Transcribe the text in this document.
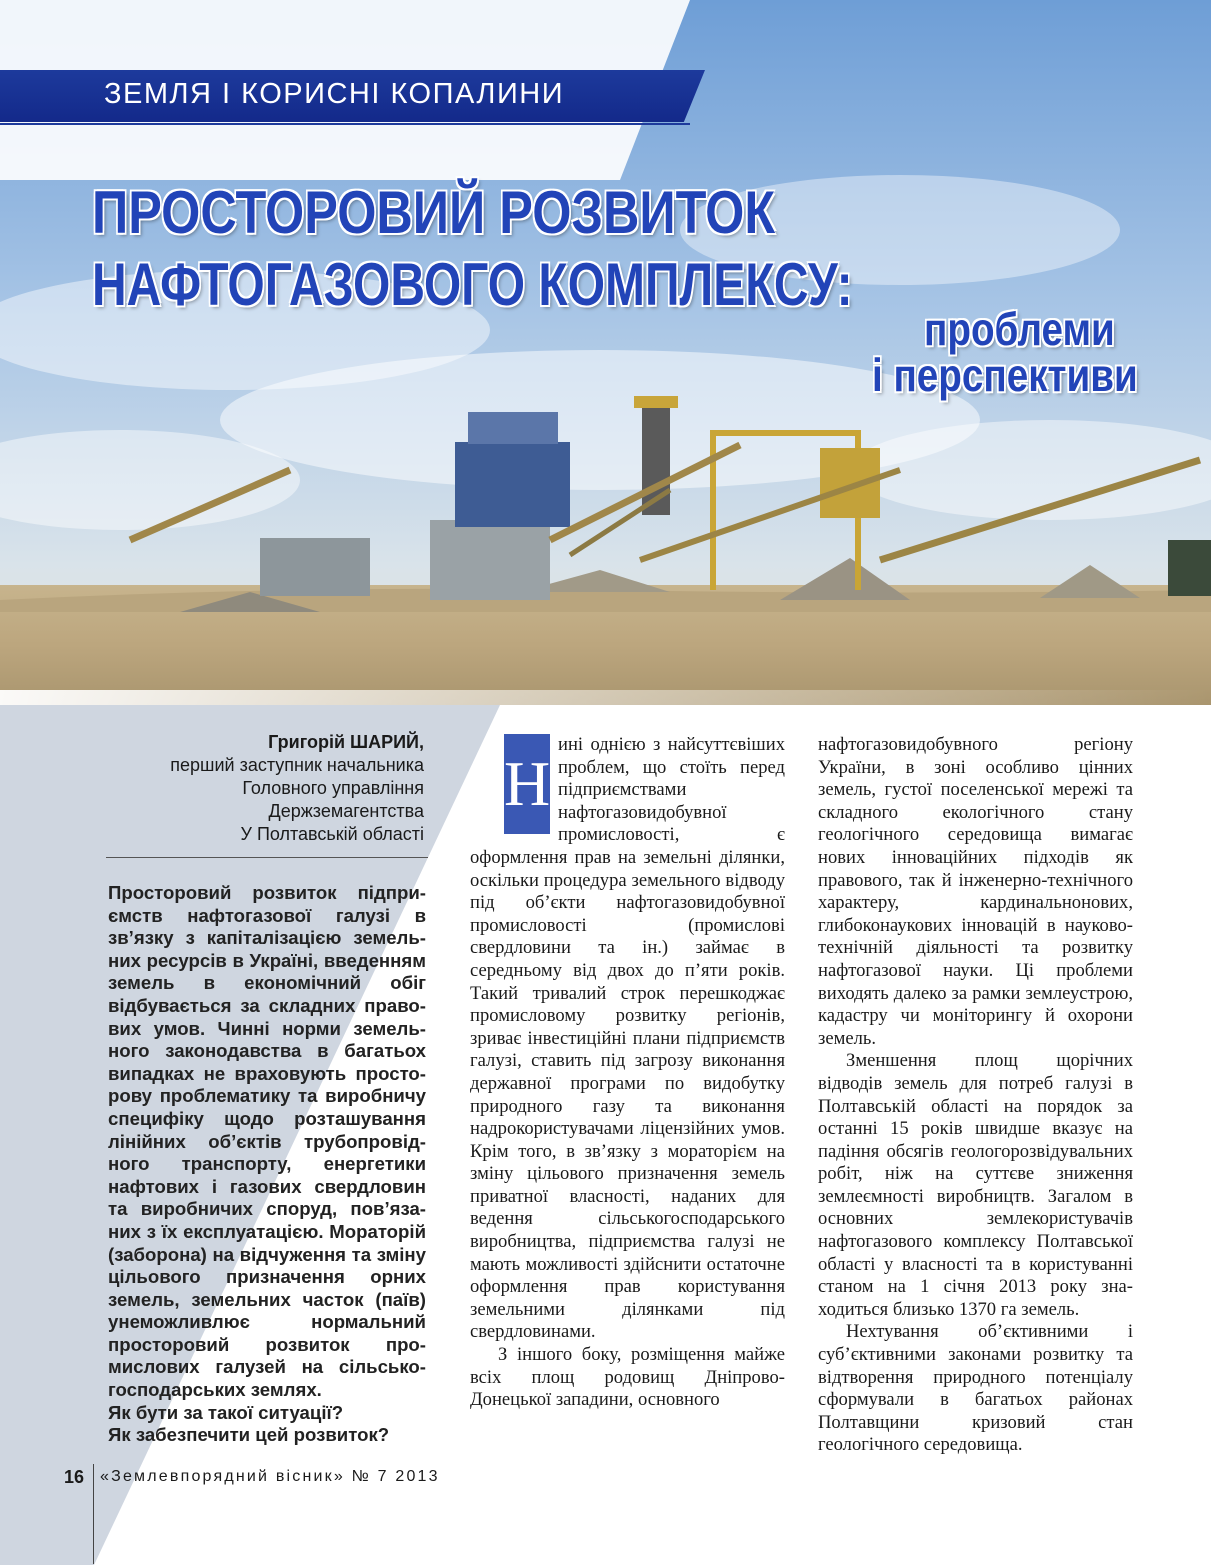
ЗЕМЛЯ І КОРИСНІ КОПАЛИНИ
ПРОСТОРОВИЙ РОЗВИТОК
НАФТОГАЗОВОГО КОМПЛЕКСУ:
проблеми
і перспективи
Григорій ШАРИЙ,
перший заступник начальника
Головного управління
Держземагентства
У Полтавській області

Просторовий розвиток підприємств нафтогазової галузі в зв’язку з капіталізацією земельних ресурсів в Україні, введенням земель в економічний обіг відбувається за складних правових умов. Чинні норми земельного законодавства в багатьох випадках не враховують просторову проблематику та виробничу специфіку щодо розташування лінійних об’єктів трубопровідного транспорту, енергетики нафтових і газових свердловин та виробничих споруд, пов’язаних з їх експлуатацією. Мораторій (заборона) на відчуження та зміну цільового призначення орних земель, земельних часток (паїв) унеможливлює нормальний просторовий розвиток промислових галузей на сільськогосподарських землях.

Як бути за такої ситуації?

Як забезпечити цей розвиток?

Н

ині однією з найсуттєвіших проблем, що стоїть перед підприємствами нафтогазовидобувної промисловості, є оформлення прав на земельні ділянки, оскільки процедура земельного відводу під об’єкти нафтогазовидобувної промисловості (промислові свердловини та ін.) займає в середньому від двох до п’яти років. Такий тривалий строк перешкоджає промисловому розвитку регіонів, зриває інвестиційні плани підприємств галузі, ставить під загрозу виконання державної програми по видобутку природного газу та виконання надрокористувачами ліцензійних умов. Крім того, в зв’язку з мораторієм на зміну цільового призначення земель приватної власності, наданих для ведення сільськогосподарського виробництва, підприємства галузі не мають можливості здійснити остаточне оформлення прав користування земельними ділянками під свердловинами.

З іншого боку, розміщення майже всіх площ родовищ Дніпрово-Донецької западини, основного

нафтогазовидобувного регіону України, в зоні особливо цінних земель, густої поселенської мережі та складного екологічного стану геологічного середовища вимагає нових інноваційних підходів як правового, так й інженерно-технічного характеру, кардинальнонових, глибоконаукових інновацій в науково-технічній діяльності та розвитку нафтогазової науки. Ці проблеми виходять далеко за рамки землеустрою, кадастру чи моніторингу й охорони земель.

Зменшення площ щорічних відводів земель для потреб галузі в Полтавській області на порядок за останні 15 років швидше вказує на падіння обсягів геологорозвідувальних робіт, ніж на суттєве зниження землеємності виробництв. Загалом в основних землекористувачів нафтогазового комплексу Полтавської області у власності та в користуванні станом на 1 січня 2013 року знаходиться близько 1370 га земель.

Нехтування об’єктивними і суб’єктивними законами розвитку та відтворення природного потенціалу сформували в багатьох районах Полтавщини кризовий стан геологічного середовища.

16 «Землевпорядний вісник» № 7 2013
